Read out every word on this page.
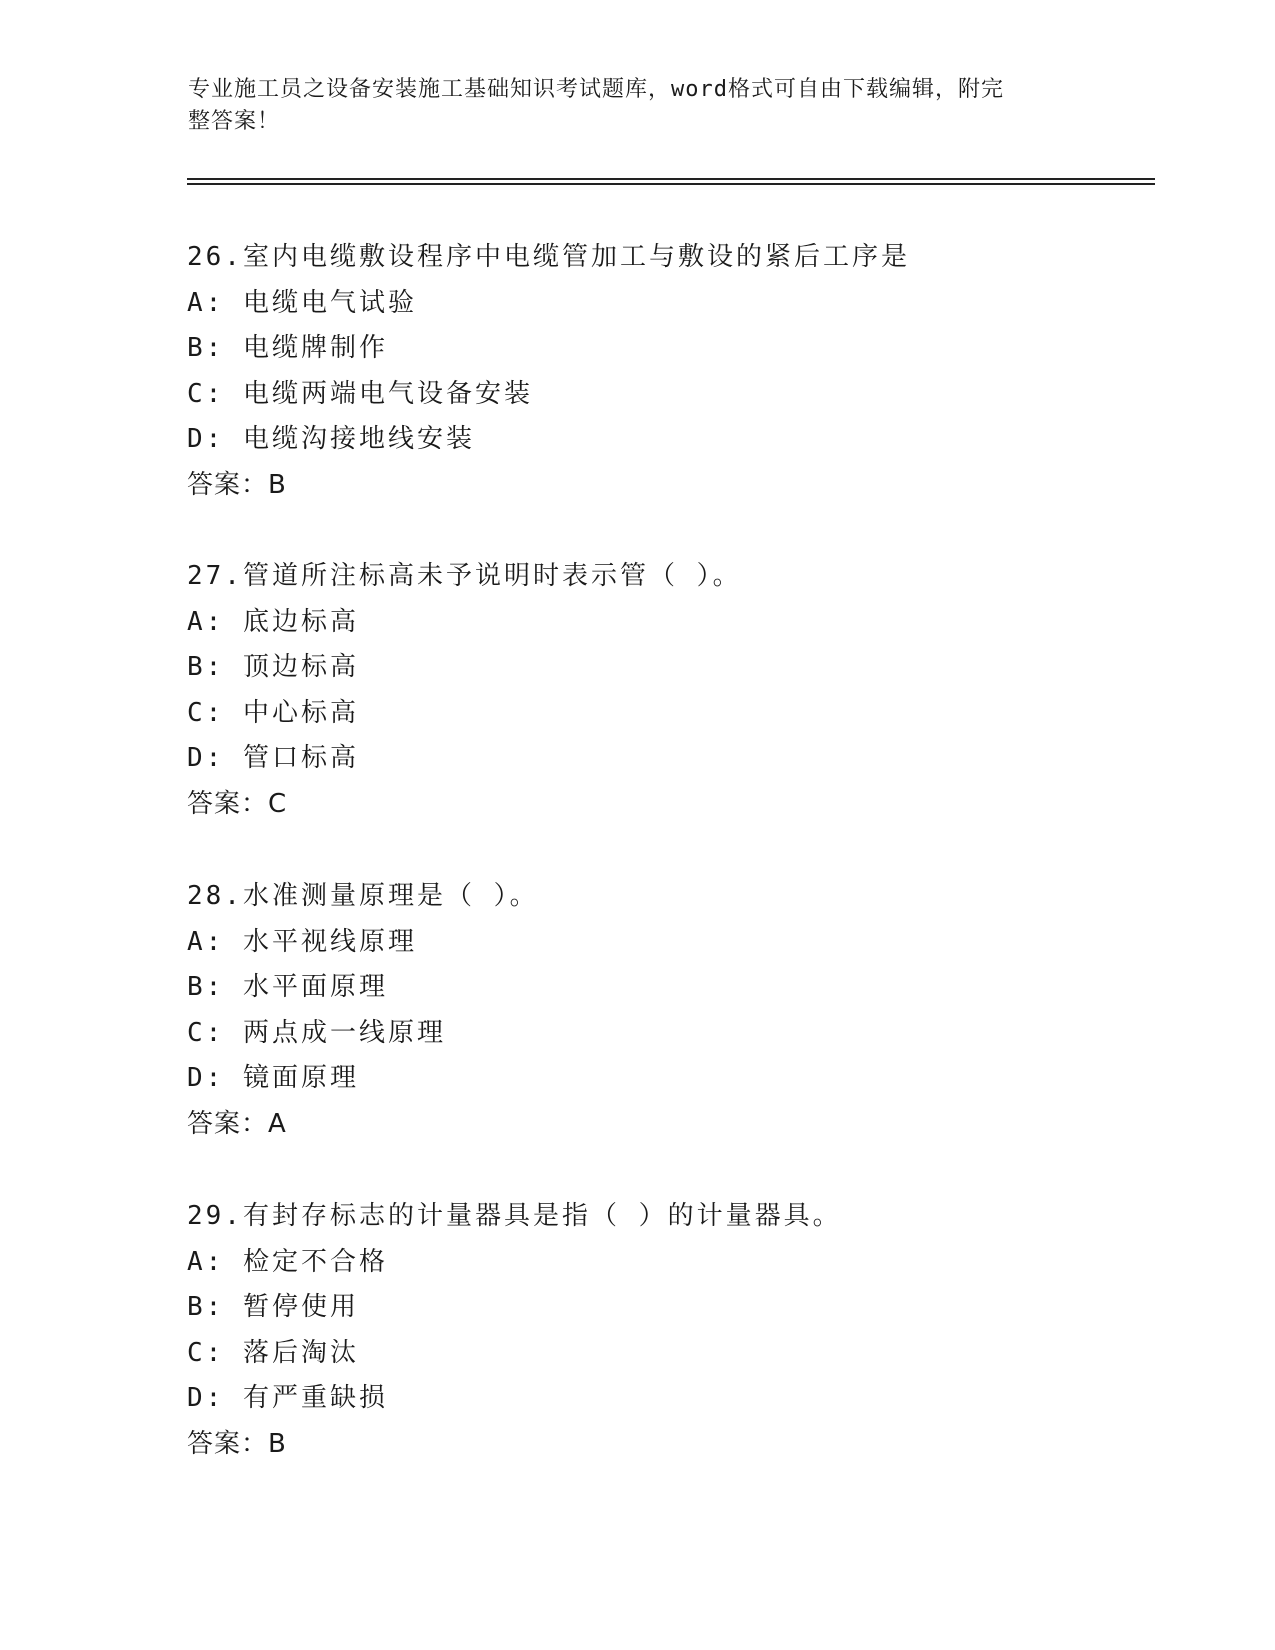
专业施工员之设备安装施工基础知识考试题库，word格式可自由下载编辑，附完
整答案！
26.室内电缆敷设程序中电缆管加工与敷设的紧后工序是
A: 电缆电气试验
B: 电缆牌制作
C: 电缆两端电气设备安装
D: 电缆沟接地线安装
答案：B
27.管道所注标高未予说明时表示管（ ）。
A: 底边标高
B: 顶边标高
C: 中心标高
D: 管口标高
答案：C
28.水准测量原理是（ ）。
A: 水平视线原理
B: 水平面原理
C: 两点成一线原理
D: 镜面原理
答案：A
29.有封存标志的计量器具是指（ ）的计量器具。
A: 检定不合格
B: 暂停使用
C: 落后淘汰
D: 有严重缺损
答案：B
